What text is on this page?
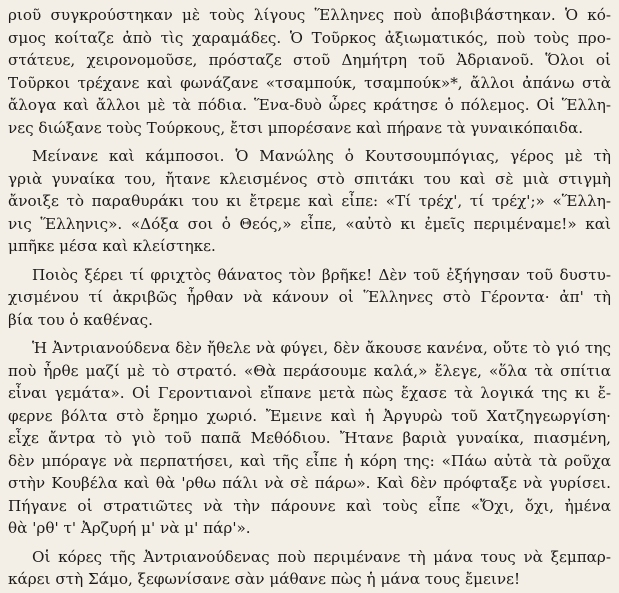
ριοῦ συγκρούστηκαν μὲ τοὺς λίγους Ἕλληνες ποὺ ἀποβιβάστηκαν. Ὁ κό-
σμος κοίταζε ἀπὸ τὶς χαραμάδες. Ὁ Τοῦρκος ἀξιωματικός, ποὺ τοὺς προ-
στάτευε, χειρονομοῦσε, πρόσταζε στοῦ Δημήτρη τοῦ Ἀδριανοῦ. Ὅλοι οἱ
Τοῦρκοι τρέχανε καὶ φωνάζανε «τσαμπούκ, τσαμπούκ»*, ἄλλοι ἀπάνω στὰ
ἄλογα καὶ ἄλλοι μὲ τὰ πόδια. Ἕνα-δυὸ ὧρες κράτησε ὁ πόλεμος. Οἱ Ἕλλη-
νες διώξανε τοὺς Τούρκους, ἔτσι μπορέσανε καὶ πήρανε τὰ γυναικόπαιδα.
Μείνανε καὶ κάμποσοι. Ὁ Μανώλης ὁ Κουτσουμπόγιας, γέρος μὲ τὴ
γριὰ γυναίκα του, ἤτανε κλεισμένος στὸ σπιτάκι του καὶ σὲ μιὰ στιγμὴ
ἄνοιξε τὸ παραθυράκι του κι ἔτρεμε καὶ εἶπε: «Τί τρέχ', τί τρέχ';» «Ἕλλη-
νις Ἕλληνις». «Δόξα σοι ὁ Θεός,» εἶπε, «αὐτὸ κι ἐμεῖς περιμέναμε!» καὶ
μπῆκε μέσα καὶ κλείστηκε.
Ποιὸς ξέρει τί φριχτὸς θάνατος τὸν βρῆκε! Δὲν τοῦ ἐξήγησαν τοῦ δυστυ-
χισμένου τί ἀκριβῶς ἦρθαν νὰ κάνουν οἱ Ἕλληνες στὸ Γέροντα· ἀπ' τὴ
βία του ὁ καθένας.
Ἡ Ἀντριανούδενα δὲν ἤθελε νὰ φύγει, δὲν ἄκουσε κανένα, οὔτε τὸ γιό της
ποὺ ἦρθε μαζί μὲ τὸ στρατό. «Θὰ περάσουμε καλά,» ἔλεγε, «ὅλα τὰ σπίτια
εἶναι γεμάτα». Οἱ Γεροντιανοὶ εἴπανε μετὰ πὼς ἔχασε τὰ λογικά της κι ἔ-
φερνε βόλτα στὸ ἔρημο χωριό. Ἔμεινε καὶ ἡ Ἀργυρὼ τοῦ Χατζηγεωργίση·
εἶχε ἄντρα τὸ γιὸ τοῦ παπᾶ Μεθόδιου. Ἤτανε βαριὰ γυναίκα, πιασμένη,
δὲν μπόραγε νὰ περπατήσει, καὶ τῆς εἶπε ἡ κόρη της: «Πάω αὐτὰ τὰ ροῦχα
στὴν Κουβέλα καὶ θὰ 'ρθω πάλι νὰ σὲ πάρω». Καὶ δὲν πρόφταξε νὰ γυρίσει.
Πήγανε οἱ στρατιῶτες νὰ τὴν πάρουνε καὶ τοὺς εἶπε «Ὄχι, ὄχι, ἠμένα
θὰ 'ρθ' τ' Ἀρζυρή μ' νὰ μ' πάρ'».
Οἱ κόρες τῆς Ἀντριανούδενας ποὺ περιμένανε τὴ μάνα τους νὰ ξεμπαρ-
κάρει στὴ Σάμο, ξεφωνίσανε σὰν μάθανε πὼς ἡ μάνα τους ἔμεινε!
